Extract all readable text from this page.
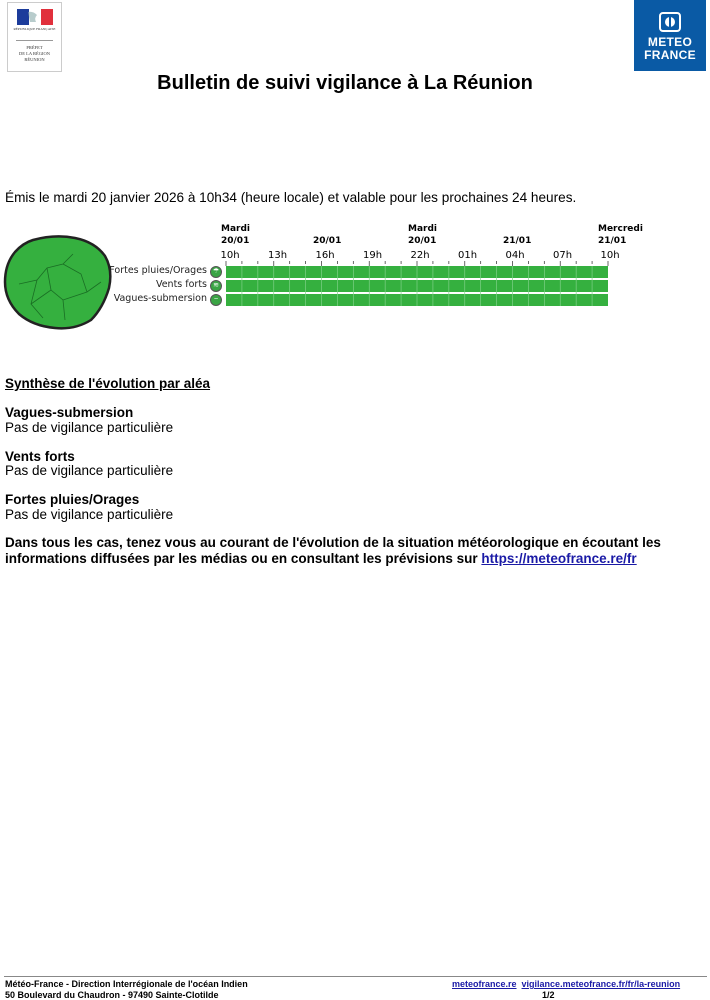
RÉPUBLIQUE FRANÇAISE
PRÉFET
DE LA RÉGION
RÉUNION
METEO
FRANCE
Bulletin de suivi vigilance à La Réunion
Émis le mardi 20 janvier 2026 à 10h34 (heure locale) et valable pour les prochaines 24 heures.
Mardi
20/01	20/01
Mardi
20/01	21/01
Mercredi
21/01
10h	13h	16h	19h	22h	01h	04h	07h	10h
Fortes pluies/Orages ☂
Vents forts ≋
Vagues-submersion ~
Synthèse de l'évolution par aléa
Vagues-submersion
Pas de vigilance particulière
Vents forts
Pas de vigilance particulière
Fortes pluies/Orages
Pas de vigilance particulière
Dans tous les cas, tenez vous au courant de l'évolution de la situation météorologique en écoutant les informations diffusées par les médias ou en consultant les prévisions sur https://meteofrance.re/fr
Météo-France - Direction Interrégionale de l'océan Indien
50 Boulevard du Chaudron - 97490 Sainte-Clotilde
meteofrance.re vigilance.meteofrance.fr/fr/la-reunion
1/2
